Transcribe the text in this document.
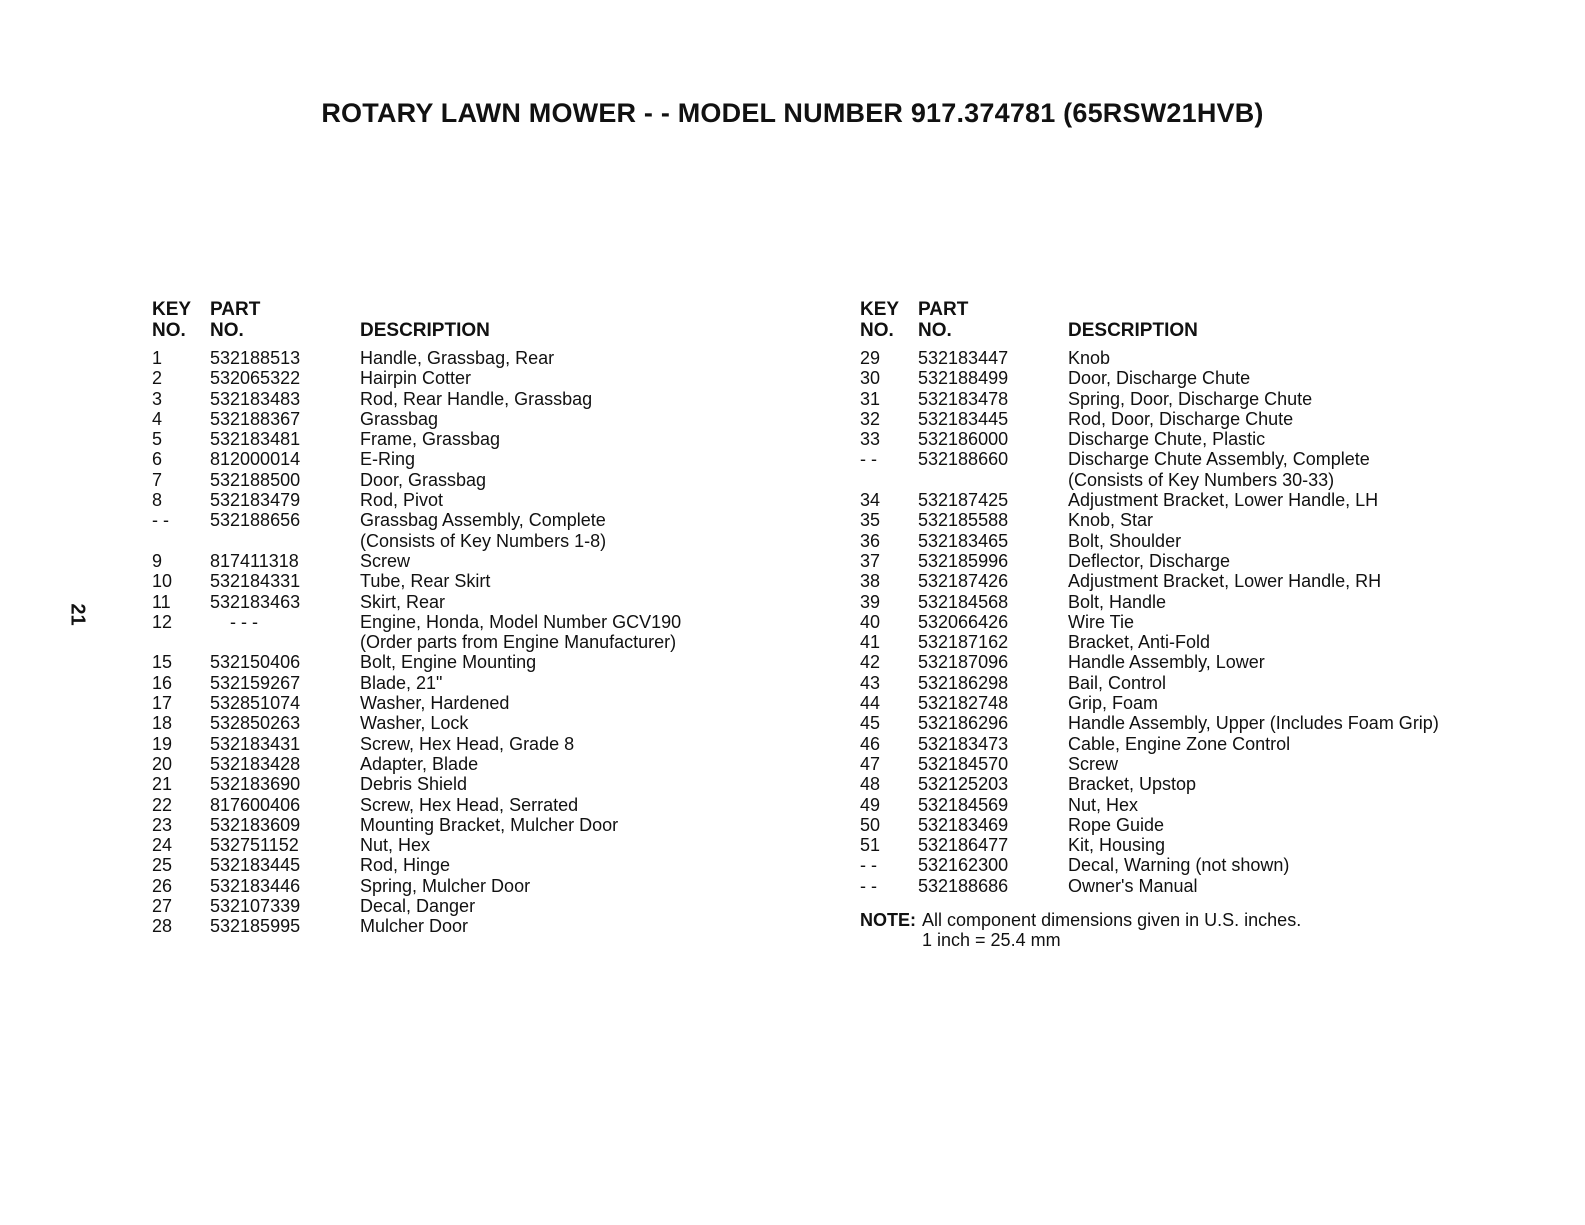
ROTARY LAWN MOWER - - MODEL NUMBER 917.374781 (65RSW21HVB)
21
KEY
NO.
PART
NO.	DESCRIPTION
1	532188513	Handle, Grassbag, Rear
2	532065322	Hairpin Cotter
3	532183483	Rod, Rear Handle, Grassbag
4	532188367	Grassbag
5	532183481	Frame, Grassbag
6	812000014	E-Ring
7	532188500	Door, Grassbag
8	532183479	Rod, Pivot
- -	532188656	Grassbag Assembly, Complete
(Consists of Key Numbers 1-8)
9	817411318	Screw
10	532184331	Tube, Rear Skirt
11	532183463	Skirt, Rear
12	- - -	Engine, Honda, Model Number GCV190
(Order parts from Engine Manufacturer)
15	532150406	Bolt, Engine Mounting
16	532159267	Blade, 21"
17	532851074	Washer, Hardened
18	532850263	Washer, Lock
19	532183431	Screw, Hex Head, Grade 8
20	532183428	Adapter, Blade
21	532183690	Debris Shield
22	817600406	Screw, Hex Head, Serrated
23	532183609	Mounting Bracket, Mulcher Door
24	532751152	Nut, Hex
25	532183445	Rod, Hinge
26	532183446	Spring, Mulcher Door
27	532107339	Decal, Danger
28	532185995	Mulcher Door
KEY
NO.
PART
NO.	DESCRIPTION
29	532183447	Knob
30	532188499	Door, Discharge Chute
31	532183478	Spring, Door, Discharge Chute
32	532183445	Rod, Door, Discharge Chute
33	532186000	Discharge Chute, Plastic
- -	532188660	Discharge Chute Assembly, Complete
(Consists of Key Numbers 30-33)
34	532187425	Adjustment Bracket, Lower Handle, LH
35	532185588	Knob, Star
36	532183465	Bolt, Shoulder
37	532185996	Deflector, Discharge
38	532187426	Adjustment Bracket, Lower Handle, RH
39	532184568	Bolt, Handle
40	532066426	Wire Tie
41	532187162	Bracket, Anti-Fold
42	532187096	Handle Assembly, Lower
43	532186298	Bail, Control
44	532182748	Grip, Foam
45	532186296	Handle Assembly, Upper (Includes Foam Grip)
46	532183473	Cable, Engine Zone Control
47	532184570	Screw
48	532125203	Bracket, Upstop
49	532184569	Nut, Hex
50	532183469	Rope Guide
51	532186477	Kit, Housing
- -	532162300	Decal, Warning (not shown)
- -	532188686	Owner's Manual
NOTE: All component dimensions given in U.S. inches.
1 inch = 25.4 mm
